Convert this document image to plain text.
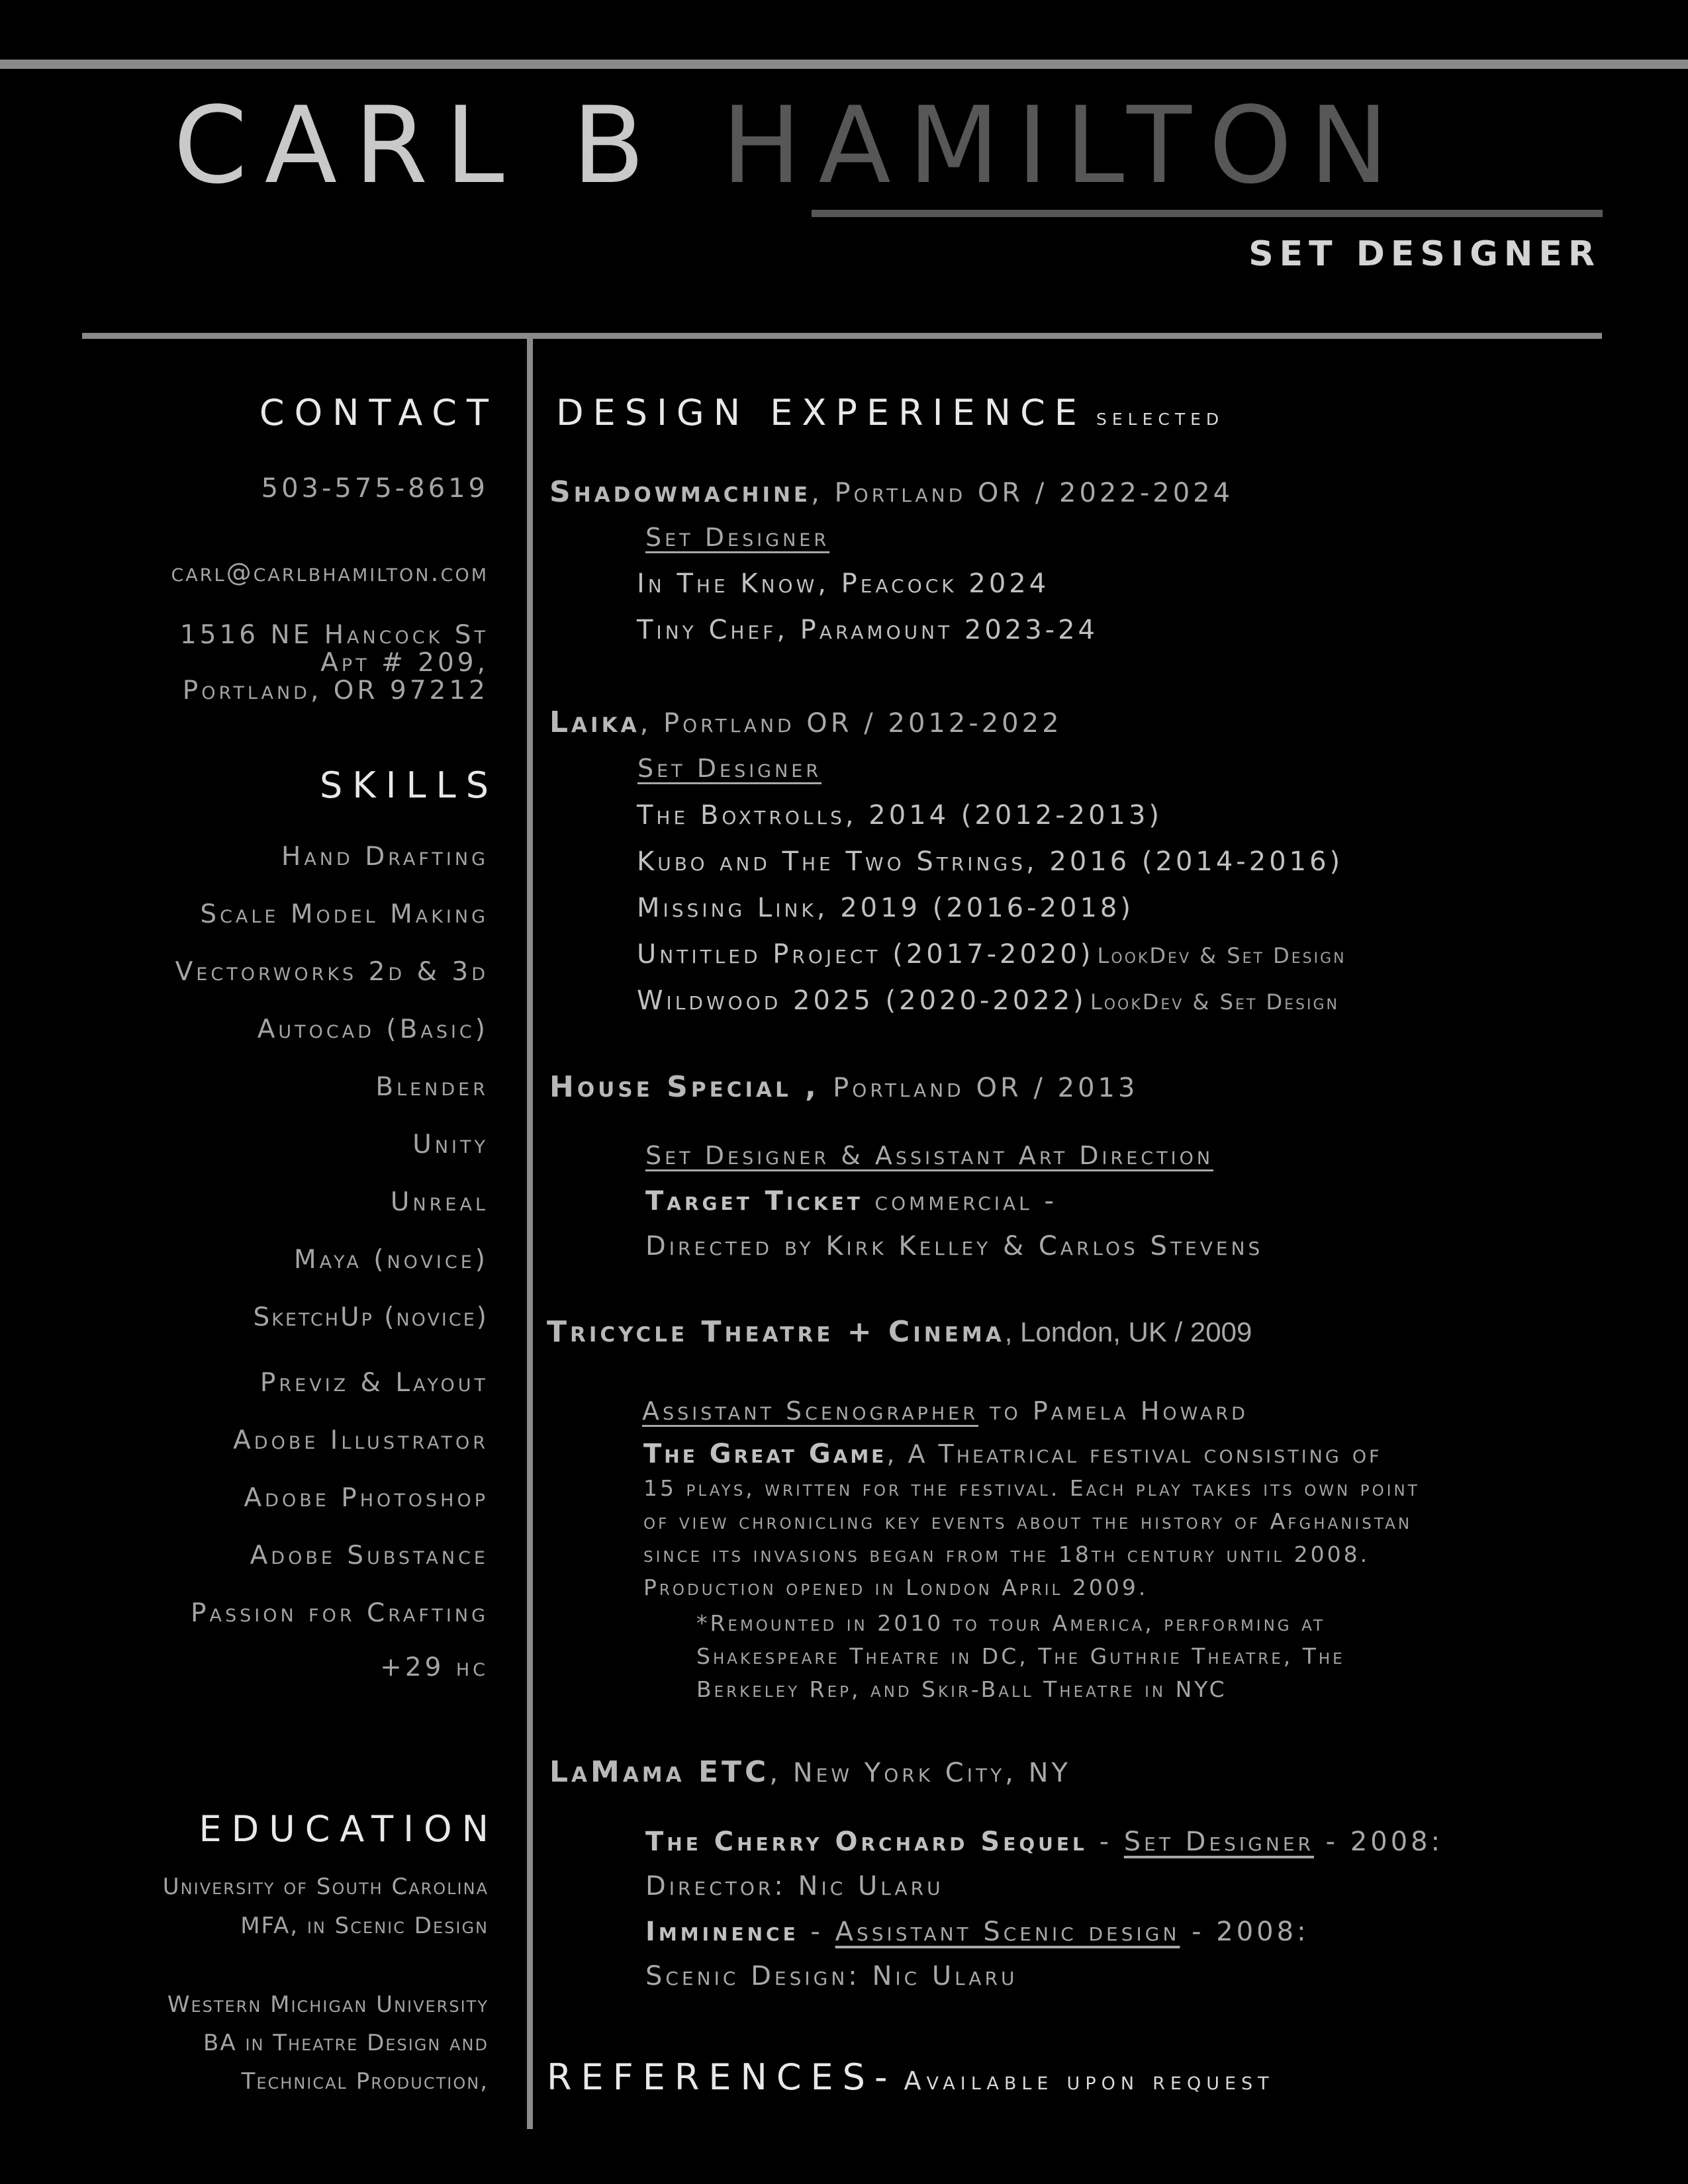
CARL B HAMILTON
SET DESIGNER
CONTACT
503-575-8619
carl@carlbhamilton.com
1516 NE Hancock St
Apt # 209,
Portland, OR 97212
SKILLS
Hand Drafting
Scale Model Making
Vectorworks 2d & 3d
Autocad (Basic)
Blender
Unity
Unreal
Maya (novice)
SketchUp (novice)
Previz & Layout
Adobe Illustrator
Adobe Photoshop
Adobe Substance
Passion for Crafting
+29 hc
EDUCATION
University of South Carolina
MFA, in Scenic Design
Western Michigan University
BA in Theatre Design and
Technical Production,
DESIGN EXPERIENCE selected
Shadowmachine, Portland OR / 2022-2024
Set Designer
In The Know, Peacock 2024
Tiny Chef, Paramount 2023-24
Laika, Portland OR / 2012-2022
Set Designer
The Boxtrolls, 2014 (2012-2013)
Kubo and The Two Strings, 2016 (2014-2016)
Missing Link, 2019 (2016-2018)
Untitled Project (2017-2020) LookDev & Set Design
Wildwood 2025 (2020-2022) LookDev & Set Design
House Special , Portland OR / 2013
Set Designer & Assistant Art Direction
Target Ticket commercial -
Directed by Kirk Kelley & Carlos Stevens
Tricycle Theatre + Cinema, London, UK / 2009
Assistant Scenographer to Pamela Howard
The Great Game, A Theatrical festival consisting of
15 plays, written for the festival. Each play takes its own point
of view chronicling key events about the history of Afghanistan
since its invasions began from the 18th century until 2008.
Production opened in London April 2009.
*Remounted in 2010 to tour America, performing at
Shakespeare Theatre in DC, The Guthrie Theatre, The
Berkeley Rep, and Skir-Ball Theatre in NYC
LaMama ETC, New York City, NY
The Cherry Orchard Sequel - Set Designer - 2008:
Director: Nic Ularu
Imminence - Assistant Scenic design - 2008:
Scenic Design: Nic Ularu
REFERENCES- Available upon request
